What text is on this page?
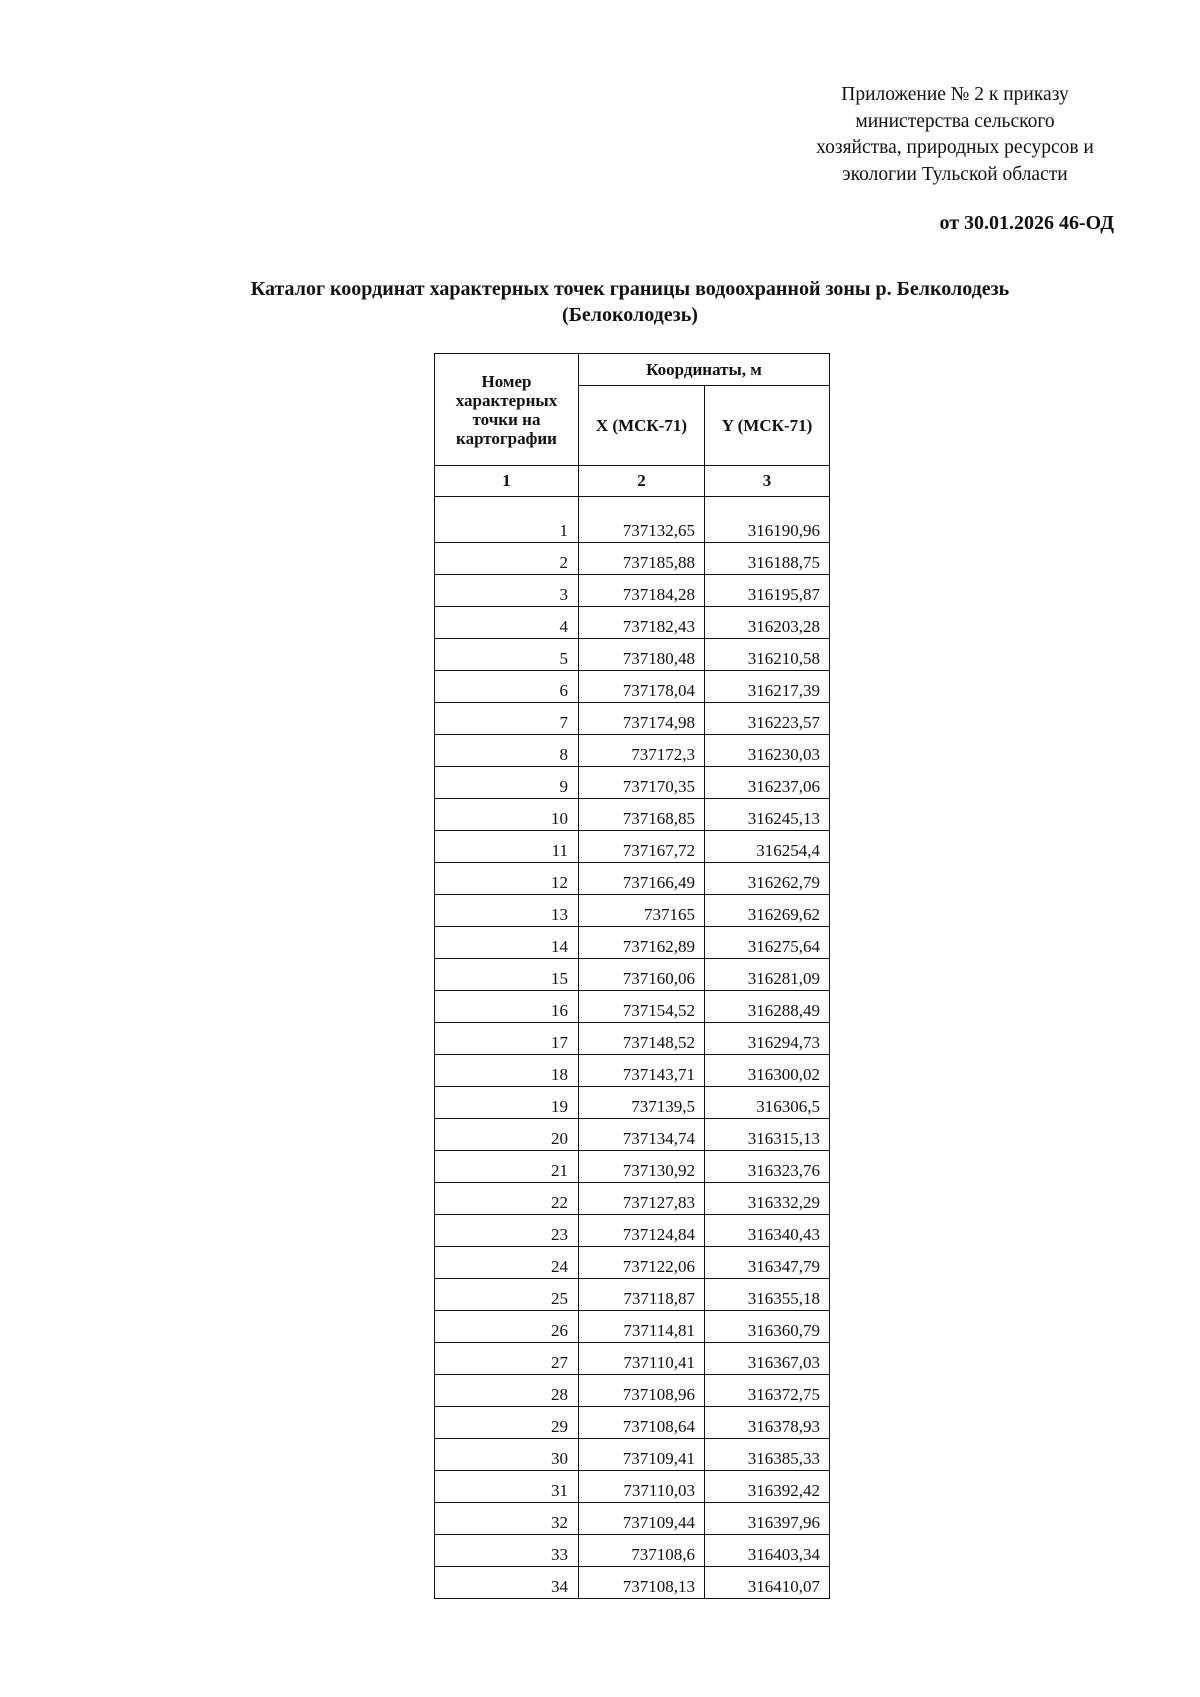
Приложение № 2 к приказу
министерства сельского
хозяйства, природных ресурсов и
экологии Тульской области
от 30.01.2026 46-ОД
Каталог координат характерных точек границы водоохранной зоны р. Белколодезь
(Белоколодезь)
Номер
характерных
точки на
картографии	Координаты, м	
	X (МСК-71)	Y (МСК-71)
1	2	3

1	737132,65	316190,96
2	737185,88	316188,75
3	737184,28	316195,87
4	737182,43	316203,28
5	737180,48	316210,58
6	737178,04	316217,39
7	737174,98	316223,57
8	737172,3	316230,03
9	737170,35	316237,06
10	737168,85	316245,13
11	737167,72	316254,4
12	737166,49	316262,79
13	737165	316269,62
14	737162,89	316275,64
15	737160,06	316281,09
16	737154,52	316288,49
17	737148,52	316294,73
18	737143,71	316300,02
19	737139,5	316306,5
20	737134,74	316315,13
21	737130,92	316323,76
22	737127,83	316332,29
23	737124,84	316340,43
24	737122,06	316347,79
25	737118,87	316355,18
26	737114,81	316360,79
27	737110,41	316367,03
28	737108,96	316372,75
29	737108,64	316378,93
30	737109,41	316385,33
31	737110,03	316392,42
32	737109,44	316397,96
33	737108,6	316403,34
34	737108,13	316410,07
